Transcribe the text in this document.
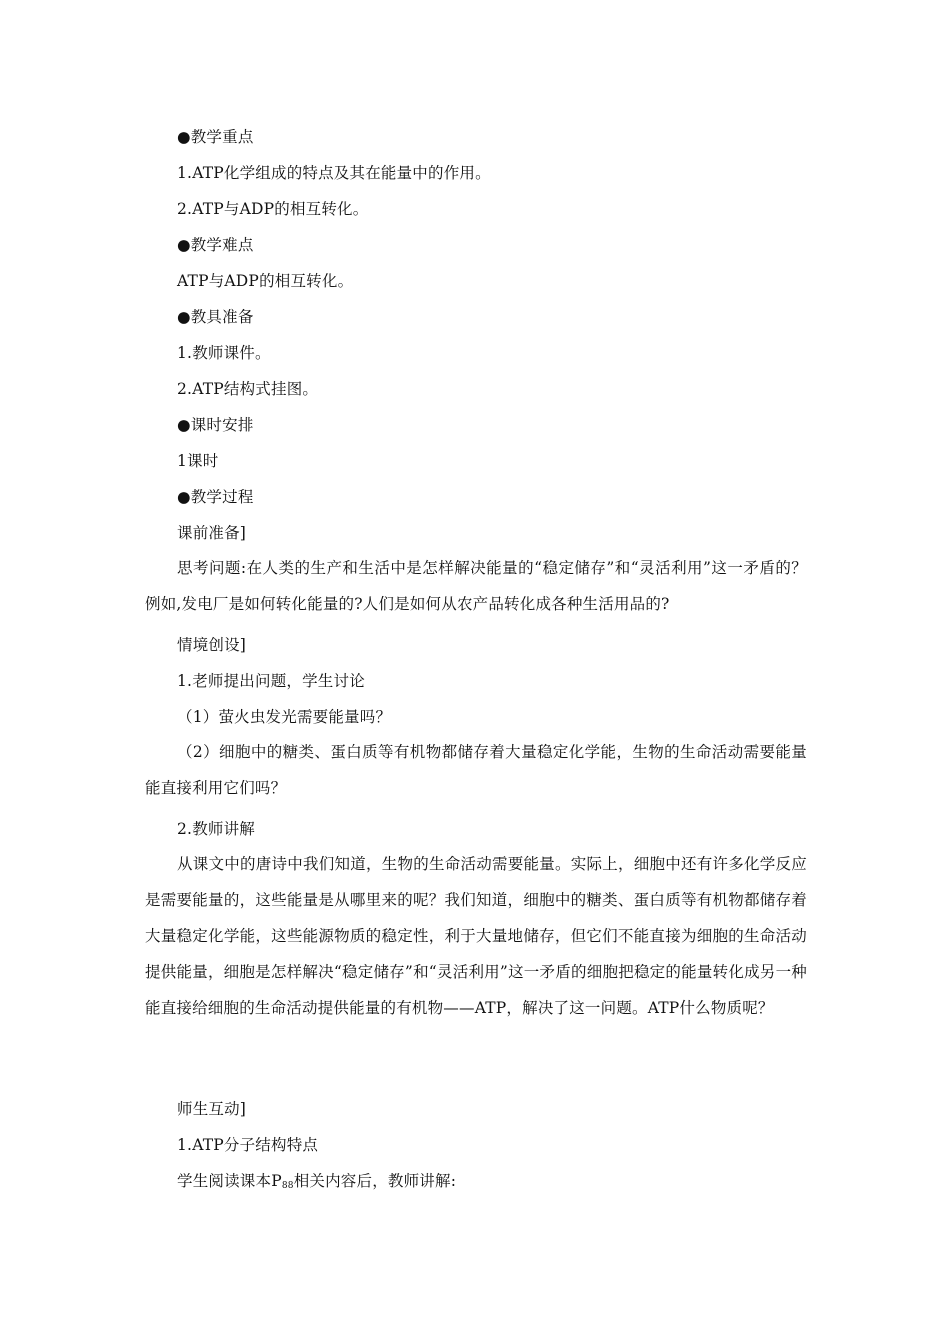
●教学重点
1.ATP化学组成的特点及其在能量中的作用。
2.ATP与ADP的相互转化。
●教学难点
ATP与ADP的相互转化。
●教具准备
1.教师课件。
2.ATP结构式挂图。
●课时安排
1课时
●教学过程
课前准备]
思考问题:在人类的生产和生活中是怎样解决能量的“稳定储存”和“灵活利用”这一矛盾的？例如,发电厂是如何转化能量的?人们是如何从农产品转化成各种生活用品的?
情境创设]
1.老师提出问题，学生讨论
（1）萤火虫发光需要能量吗？
（2）细胞中的糖类、蛋白质等有机物都储存着大量稳定化学能，生物的生命活动需要能量能直接利用它们吗？
2.教师讲解
从课文中的唐诗中我们知道，生物的生命活动需要能量。实际上，细胞中还有许多化学反应是需要能量的，这些能量是从哪里来的呢？我们知道，细胞中的糖类、蛋白质等有机物都储存着大量稳定化学能，这些能源物质的稳定性，利于大量地储存，但它们不能直接为细胞的生命活动提供能量，细胞是怎样解决“稳定储存”和“灵活利用”这一矛盾的细胞把稳定的能量转化成另一种能直接给细胞的生命活动提供能量的有机物——ATP，解决了这一问题。ATP什么物质呢？
师生互动]
1.ATP分子结构特点
学生阅读课本$P_{88}$相关内容后，教师讲解:
